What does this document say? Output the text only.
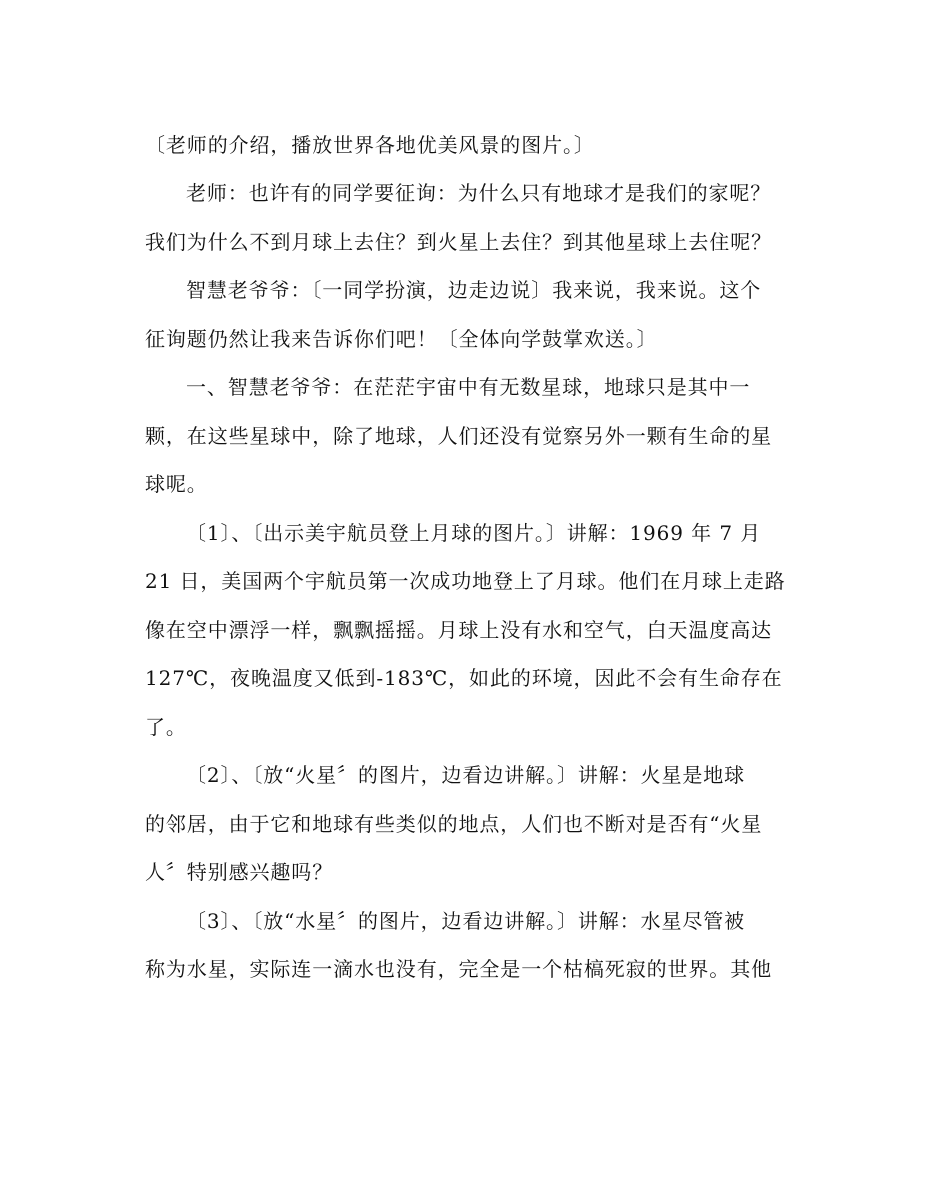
〔老师的介绍，播放世界各地优美风景的图片。〕
老师：也许有的同学要征询：为什么只有地球才是我们的家呢？
我们为什么不到月球上去住？到火星上去住？到其他星球上去住呢？
智慧老爷爷：〔一同学扮演，边走边说〕我来说，我来说。这个
征询题仍然让我来告诉你们吧！〔全体向学鼓掌欢送。〕
一、智慧老爷爷：在茫茫宇宙中有无数星球，地球只是其中一
颗，在这些星球中，除了地球，人们还没有觉察另外一颗有生命的星
球呢。
〔1〕、〔出示美宇航员登上月球的图片。〕讲解：1969 年 7 月
21 日，美国两个宇航员第一次成功地登上了月球。他们在月球上走路
像在空中漂浮一样，飘飘摇摇。月球上没有水和空气，白天温度高达
127℃，夜晚温度又低到-183℃，如此的环境，因此不会有生命存在
了。
〔2〕、〔放“火星〞的图片，边看边讲解。〕讲解：火星是地球
的邻居，由于它和地球有些类似的地点，人们也不断对是否有“火星
人〞特别感兴趣吗？
〔3〕、〔放“水星〞的图片，边看边讲解。〕讲解：水星尽管被
称为水星，实际连一滴水也没有，完全是一个枯槁死寂的世界。其他
